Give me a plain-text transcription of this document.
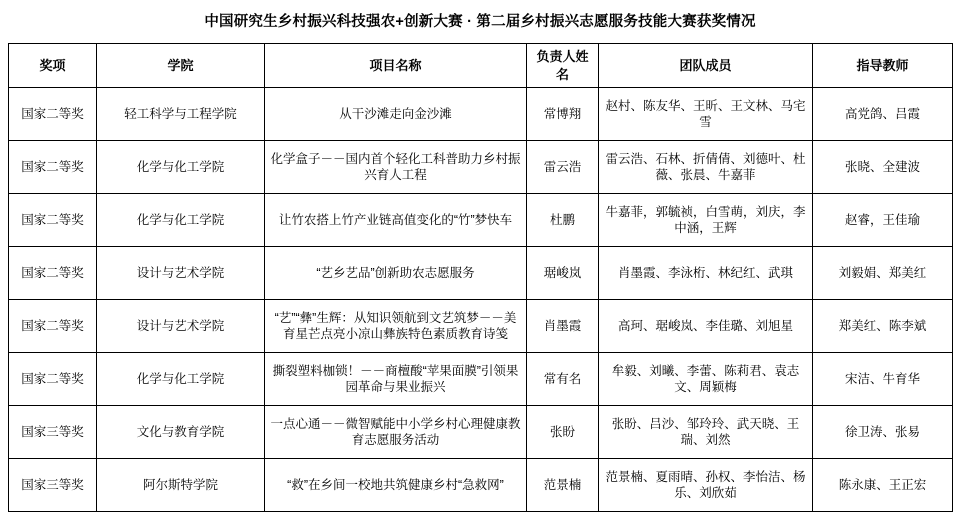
中国研究生乡村振兴科技强农+创新大赛 · 第二届乡村振兴志愿服务技能大赛获奖情况
奖项	学院	项目名称	负责人姓名	团队成员	指导教师
国家二等奖	轻工科学与工程学院	从干沙滩走向金沙滩	常博翔	赵村、陈友华、王昕、王文林、马宅雪	高党鸽、吕霞
国家二等奖	化学与化工学院	化学盒子－－国内首个轻化工科普助力乡村振兴育人工程	雷云浩	雷云浩、石林、折倩倩、刘德叶、杜薇、张晨、牛嘉菲	张晓、全建波
国家二等奖	化学与化工学院	让竹农搭上竹产业链高值变化的“竹”梦快车	杜鹏	牛嘉菲，郭毓祯，白雪萌，刘庆，李中涵，王辉	赵睿，王佳瑜
国家二等奖	设计与艺术学院	“艺乡艺品”创新助农志愿服务	琚峻岚	肖墨霞、李泳桁、林纪红、武琪	刘毅娟、郑美红
国家二等奖	设计与艺术学院	“艺”“彝”生辉：从知识领航到文艺筑梦－－美育星芒点亮小凉山彝族特色素质教育诗笺	肖墨霞	高珂、琚峻岚、李佳璐、刘旭星	郑美红、陈李斌
国家二等奖	化学与化工学院	撕裂塑料枷锁！－－商檀酸“苹果面膜”引领果园革命与果业振兴	常有名	牟毅、刘曦、李蕾、陈莉君、袁志文、周颖梅	宋洁、牛育华
国家三等奖	文化与教育学院	一点心通－－微智赋能中小学乡村心理健康教育志愿服务活动	张盼	张盼、吕沙、邹玲玲、武天晓、王瑞、刘然	徐卫涛、张易
国家三等奖	阿尔斯特学院	“救”在乡间一校地共筑健康乡村“急救网”	范景楠	范景楠、夏雨晴、孙权、李怡洁、杨乐、刘欣茹	陈永康、王正宏
